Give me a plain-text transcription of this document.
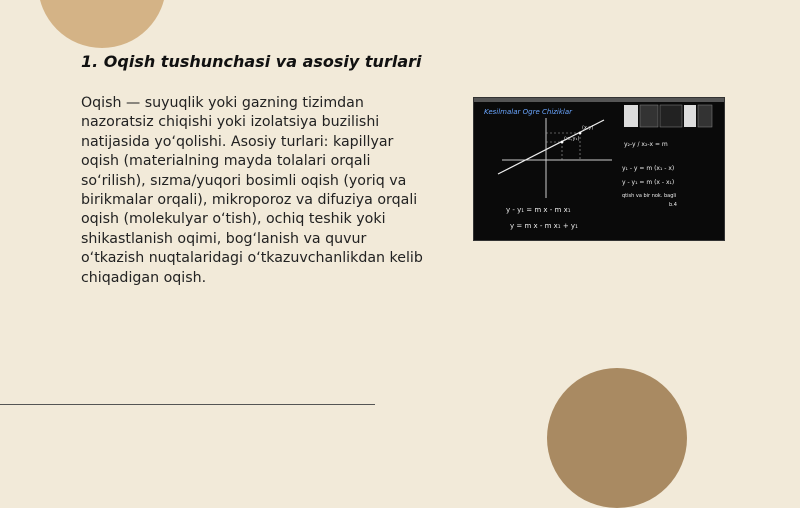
1. Oqish tushunchasi va asosiy turlari

Oqish — suyuqlik yoki gazning tizimdan nazoratsiz chiqishi yoki izolatsiya buzilishi natijasida yo‘qolishi. Asosiy turlari: kapillyar oqish (materialning mayda tolalari orqali so‘rilish), sızma/yuqori bosimli oqish (yoriq va birikmalar orqali), mikroporoz va difuziya orqali oqish (molekulyar o‘tish), ochiq teshik yoki shikastlanish oqimi, bog‘lanish va quvur o‘tkazish nuqtalaridagi o‘tkazuvchanlikdan kelib chiqadigan oqish.

Kesilmalar Ogre Chiziklar
(x,y)
(x₁,y₁)
y₂-y / x₂-x = m
y₁ - y = m (x₁ - x)
y - y₁ = m (x - x₁)
qtish va bir nok. bagli
b.4
y - y₁ = m x - m x₁
y = m x - m x₁ + y₁
